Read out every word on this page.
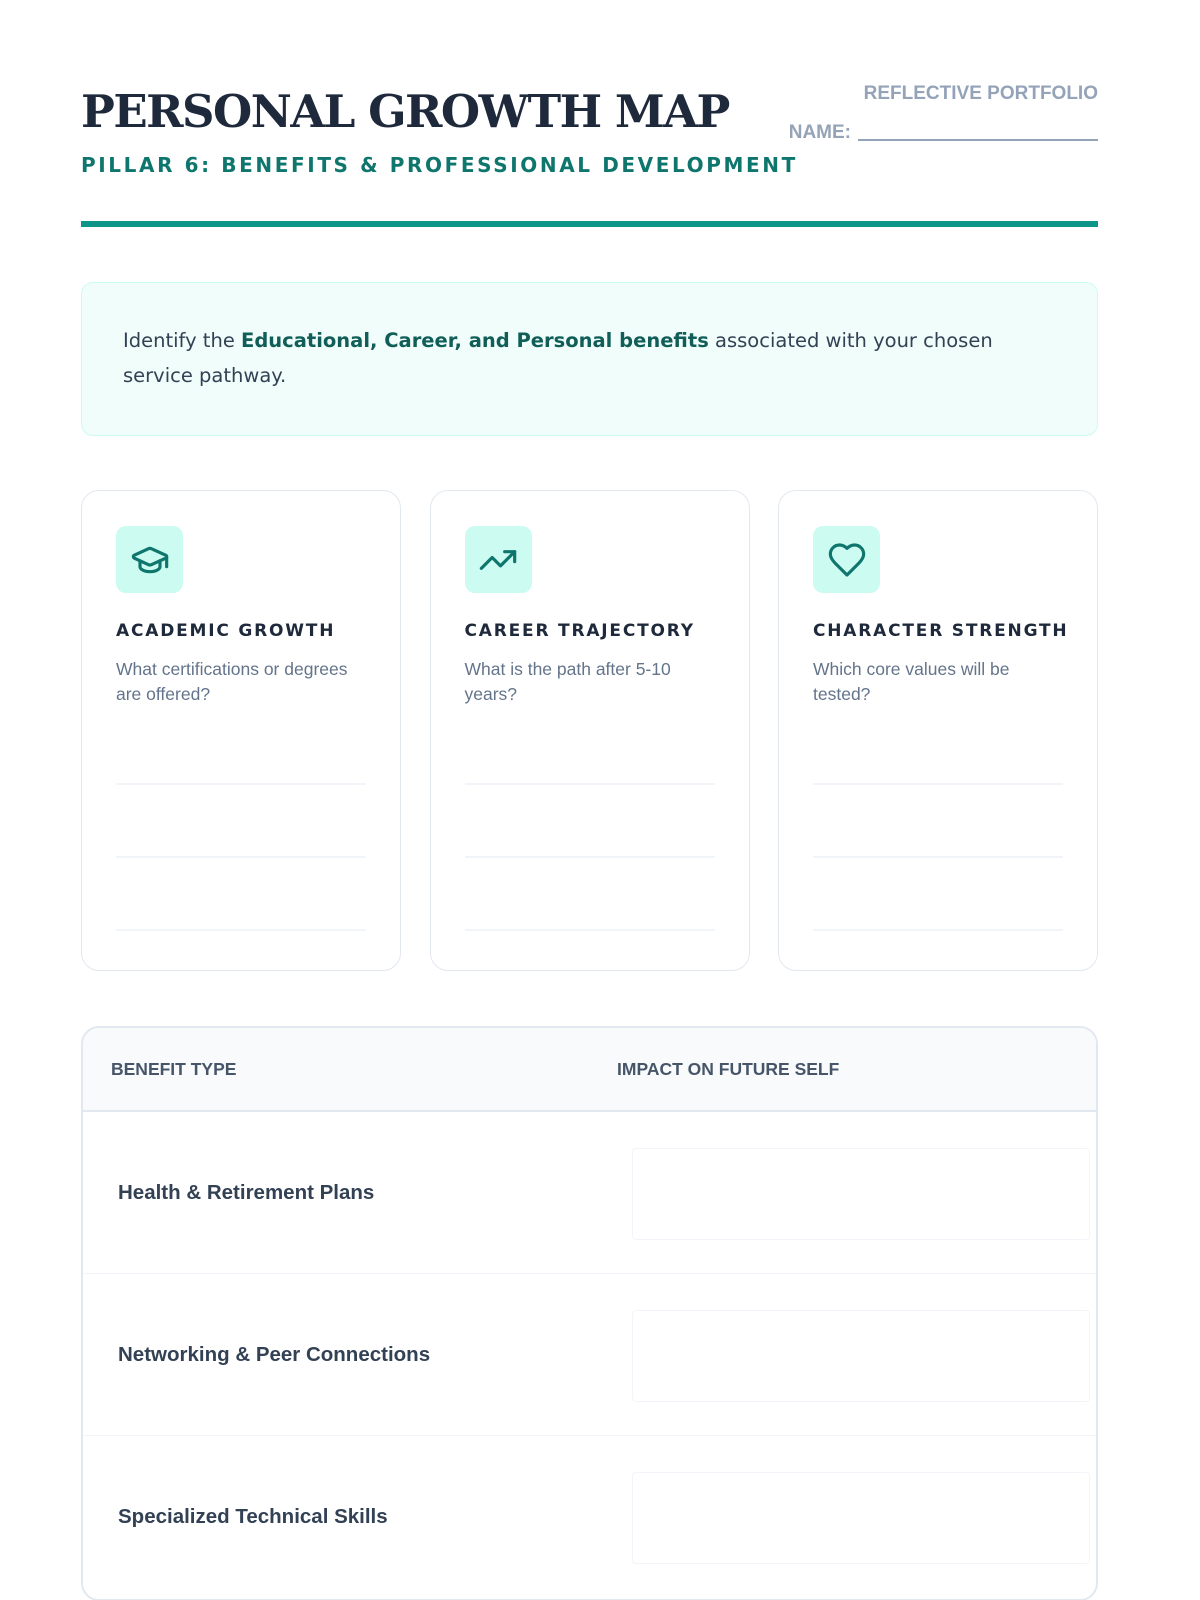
PERSONAL GROWTH MAP
PILLAR 6: BENEFITS & PROFESSIONAL DEVELOPMENT
REFLECTIVE PORTFOLIO
NAME:
Identify the Educational, Career, and Personal benefits associated with your chosen service pathway.
ACADEMIC GROWTH
What certifications or degrees are offered?
CAREER TRAJECTORY
What is the path after 5-10 years?
CHARACTER STRENGTH
Which core values will be tested?
BENEFIT TYPE	IMPACT ON FUTURE SELF
Health & Retirement Plans
Networking & Peer Connections
Specialized Technical Skills
